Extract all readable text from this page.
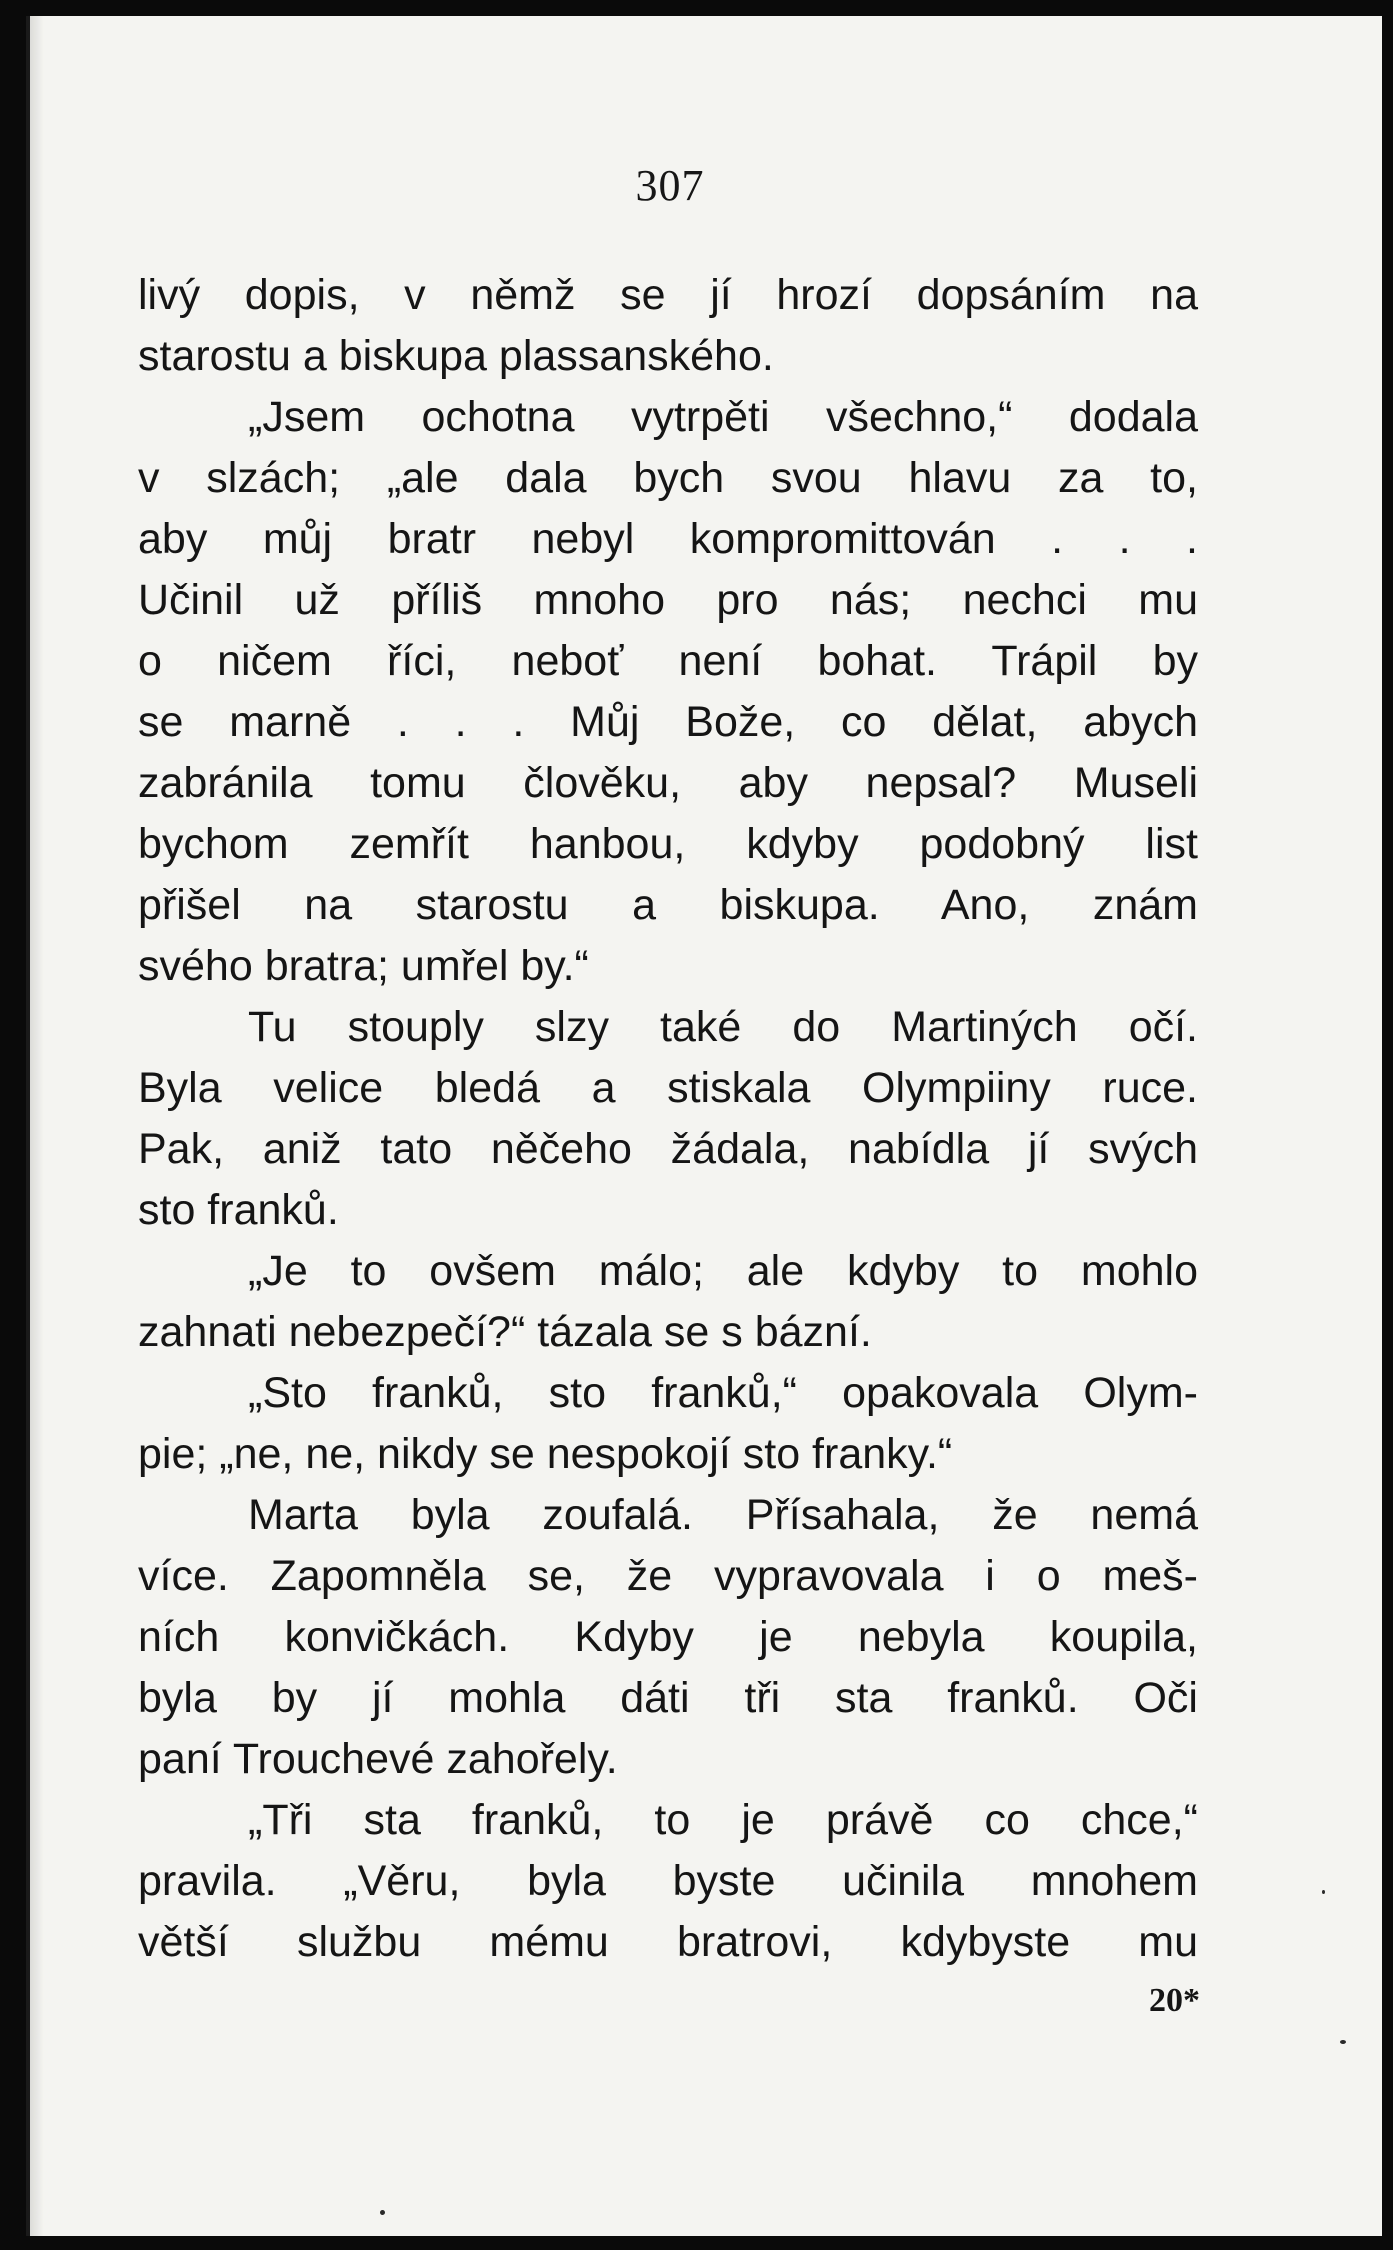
307
livý dopis, v němž se jí hrozí dopsáním na
starostu a biskupa plassanského.
„Jsem ochotna vytrpěti všechno,“ dodala
v slzách; „ale dala bych svou hlavu za to,
aby můj bratr nebyl kompromittován . . .
Učinil už příliš mnoho pro nás; nechci mu
o ničem říci, neboť není bohat. Trápil by
se marně . . . Můj Bože, co dělat, abych
zabránila tomu člověku, aby nepsal? Museli
bychom zemřít hanbou, kdyby podobný list
přišel na starostu a biskupa. Ano, znám
svého bratra; umřel by.“
Tu stouply slzy také do Martiných očí.
Byla velice bledá a stiskala Olympiiny ruce.
Pak, aniž tato něčeho žádala, nabídla jí svých
sto franků.
„Je to ovšem málo; ale kdyby to mohlo
zahnati nebezpečí?“ tázala se s bázní.
„Sto franků, sto franků,“ opakovala Olym-
pie; „ne, ne, nikdy se nespokojí sto franky.“
Marta byla zoufalá. Přísahala, že nemá
více. Zapomněla se, že vypravovala i o meš-
ních konvičkách. Kdyby je nebyla koupila,
byla by jí mohla dáti tři sta franků. Oči
paní Trouchevé zahořely.
„Tři sta franků, to je právě co chce,“
pravila. „Věru, byla byste učinila mnohem
větší službu mému bratrovi, kdybyste mu
20*
